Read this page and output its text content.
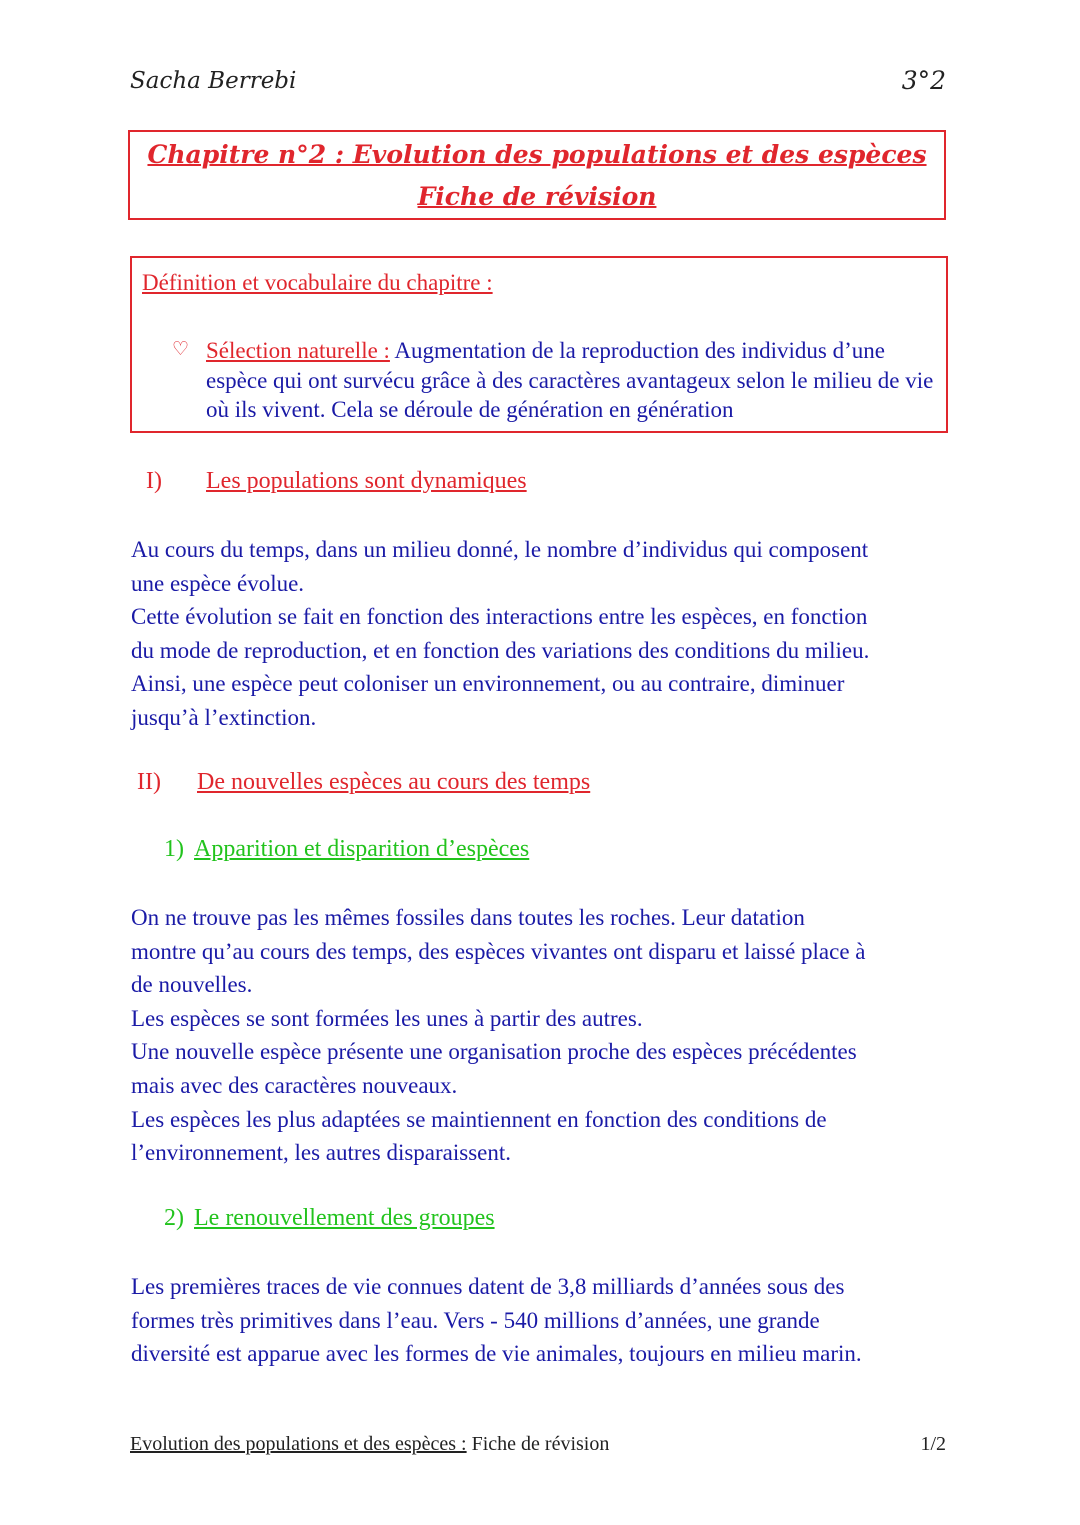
Sacha Berrebi	3°2
Chapitre n°2 : Evolution des populations et des espèces
Fiche de révision
Définition et vocabulaire du chapitre :
♡ Sélection naturelle : Augmentation de la reproduction des individus d’une espèce qui ont survécu grâce à des caractères avantageux selon le milieu de vie où ils vivent. Cela se déroule de génération en génération
I) Les populations sont dynamiques
Au cours du temps, dans un milieu donné, le nombre d’individus qui composent
une espèce évolue.
Cette évolution se fait en fonction des interactions entre les espèces, en fonction
du mode de reproduction, et en fonction des variations des conditions du milieu.
Ainsi, une espèce peut coloniser un environnement, ou au contraire, diminuer
jusqu’à l’extinction.
II) De nouvelles espèces au cours des temps
1) Apparition et disparition d’espèces
On ne trouve pas les mêmes fossiles dans toutes les roches. Leur datation
montre qu’au cours des temps, des espèces vivantes ont disparu et laissé place à
de nouvelles.
Les espèces se sont formées les unes à partir des autres.
Une nouvelle espèce présente une organisation proche des espèces précédentes
mais avec des caractères nouveaux.
Les espèces les plus adaptées se maintiennent en fonction des conditions de
l’environnement, les autres disparaissent.
2) Le renouvellement des groupes
Les premières traces de vie connues datent de 3,8 milliards d’années sous des
formes très primitives dans l’eau. Vers - 540 millions d’années, une grande
diversité est apparue avec les formes de vie animales, toujours en milieu marin.
Evolution des populations et des espèces : Fiche de révision	1/2
